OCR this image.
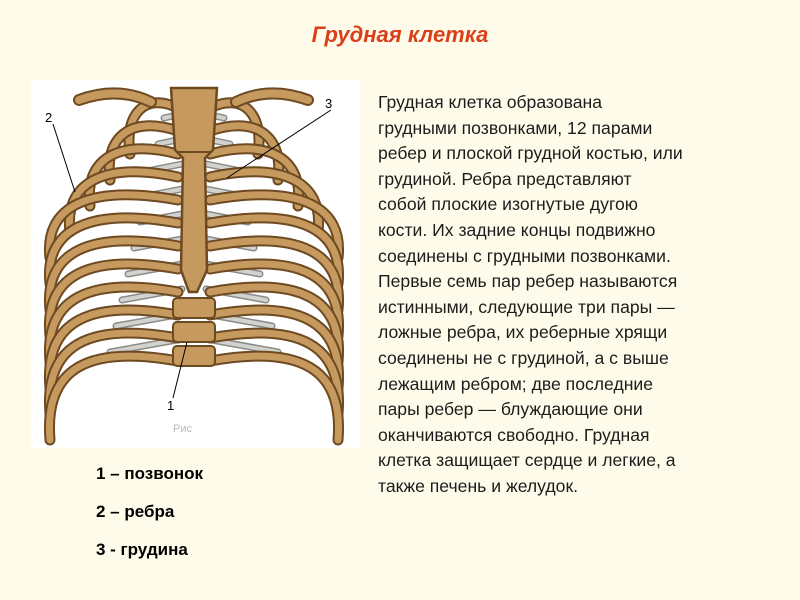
Грудная клетка
2
3
1
Рис
1 – позвонок
2 – ребра
3 - грудина
Грудная клетка образована
грудными позвонками, 12 парами
ребер и плоской грудной костью, или
грудиной. Ребра представляют
собой плоские изогнутые дугою
кости. Их задние концы подвижно
соединены с грудными позвонками.
Первые семь пар ребер называются
истинными, следующие три пары —
ложные ребра, их реберные хрящи
соединены не с грудиной, а с выше
лежащим ребром; две последние
пары ребер — блуждающие они
оканчиваются свободно. Грудная
клетка защищает сердце и легкие, а
также печень и желудок.
